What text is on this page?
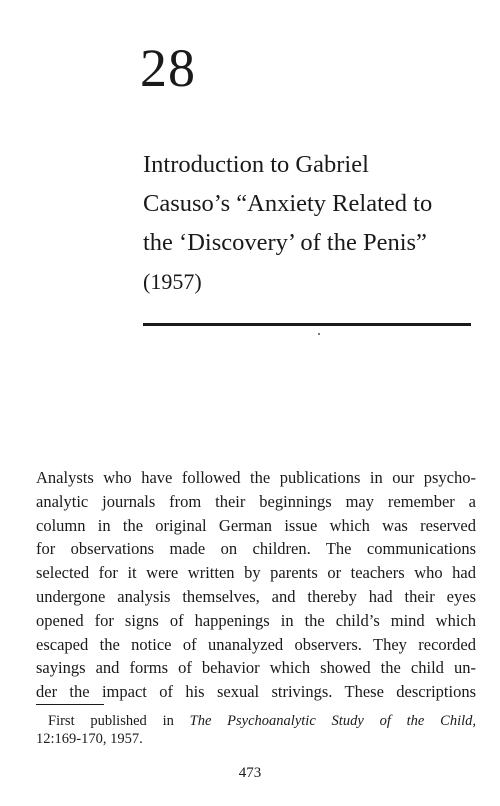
28
Introduction to Gabriel
Casuso’s “Anxiety Related to
the ‘Discovery’ of the Penis”
(1957)
Analysts who have followed the publications in our psycho-
analytic journals from their beginnings may remember a
column in the original German issue which was reserved
for observations made on children. The communications
selected for it were written by parents or teachers who had
undergone analysis themselves, and thereby had their eyes
opened for signs of happenings in the child’s mind which
escaped the notice of unanalyzed observers. They recorded
sayings and forms of behavior which showed the child un-
der the impact of his sexual strivings. These descriptions
First published in The Psychoanalytic Study of the Child,
12:169-170, 1957.
473
